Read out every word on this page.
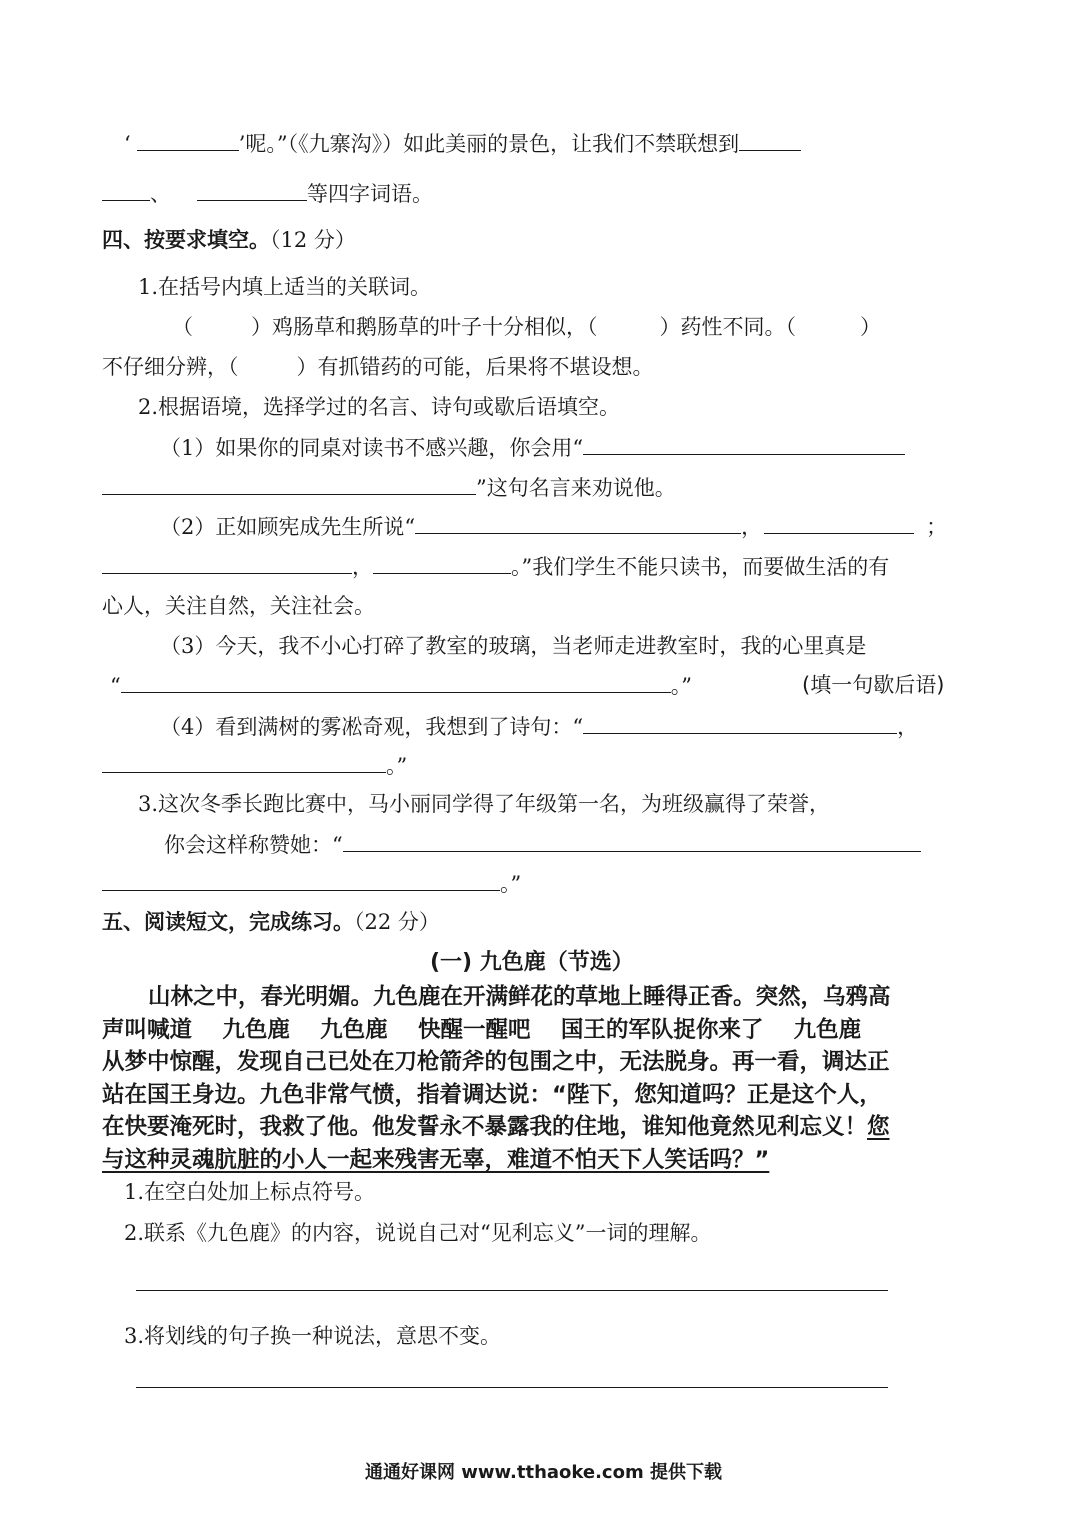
‘	’呢。”（《九寨沟》）如此美丽的景色，让我们不禁联想到
、	等四字词语。
四、按要求填空。（12 分）
1.在括号内填上适当的关联词。
（	）鸡肠草和鹅肠草的叶子十分相似，（	）药性不同。（	）
不仔细分辨，（	）有抓错药的可能，后果将不堪设想。
2.根据语境，选择学过的名言、诗句或歇后语填空。
（1）如果你的同桌对读书不感兴趣，你会用“
”这句名言来劝说他。
（2）正如顾宪成先生所说“	，	；
，	。”我们学生不能只读书，而要做生活的有
心人，关注自然，关注社会。
（3）今天，我不小心打碎了教室的玻璃，当老师走进教室时，我的心里真是
“	。”	(填一句歇后语)
（4）看到满树的雾凇奇观，我想到了诗句：“	，
。”
3.这次冬季长跑比赛中，马小丽同学得了年级第一名，为班级赢得了荣誉，
你会这样称赞她：“
。”
五、阅读短文，完成练习。（22 分）
(一) 九色鹿（节选）
山林之中，春光明媚。九色鹿在开满鲜花的草地上睡得正香。突然，乌鸦高
声叫喊道　 九色鹿　 九色鹿　 快醒一醒吧　 国王的军队捉你来了　 九色鹿
从梦中惊醒，发现自己已处在刀枪箭斧的包围之中，无法脱身。再一看，调达正
站在国王身边。九色非常气愤，指着调达说：“陛下，您知道吗？正是这个人，
在快要淹死时，我救了他。他发誓永不暴露我的住地，谁知他竟然见利忘义！您
与这种灵魂肮脏的小人一起来残害无辜，难道不怕天下人笑话吗？”
1.在空白处加上标点符号。
2.联系《九色鹿》的内容，说说自己对“见利忘义”一词的理解。
3.将划线的句子换一种说法，意思不变。
通通好课网 www.tthaoke.com 提供下载
